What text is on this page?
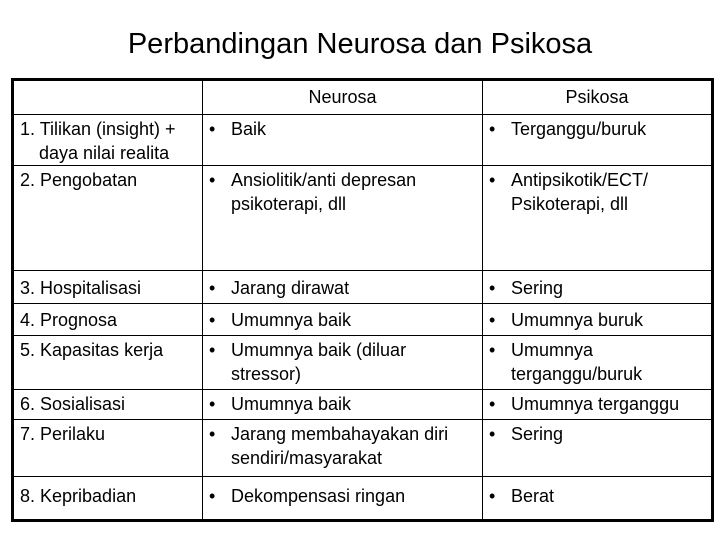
Perbandingan Neurosa dan Psikosa
	Neurosa	Psikosa

1. Tilikan (insight) + daya nilai realita	• Baik	• Terganggu/buruk

2. Pengobatan	• Ansiolitik/anti depresan psikoterapi, dll	• Antipsikotik/ECT/ Psikoterapi, dll

3. Hospitalisasi	• Jarang dirawat	• Sering

4. Prognosa	• Umumnya baik	• Umumnya buruk

5. Kapasitas kerja	• Umumnya baik (diluar stressor)	• Umumnya terganggu/buruk

6. Sosialisasi	• Umumnya baik	• Umumnya terganggu

7. Perilaku	• Jarang membahayakan diri sendiri/masyarakat	• Sering

8. Kepribadian	• Dekompensasi ringan	• Berat
